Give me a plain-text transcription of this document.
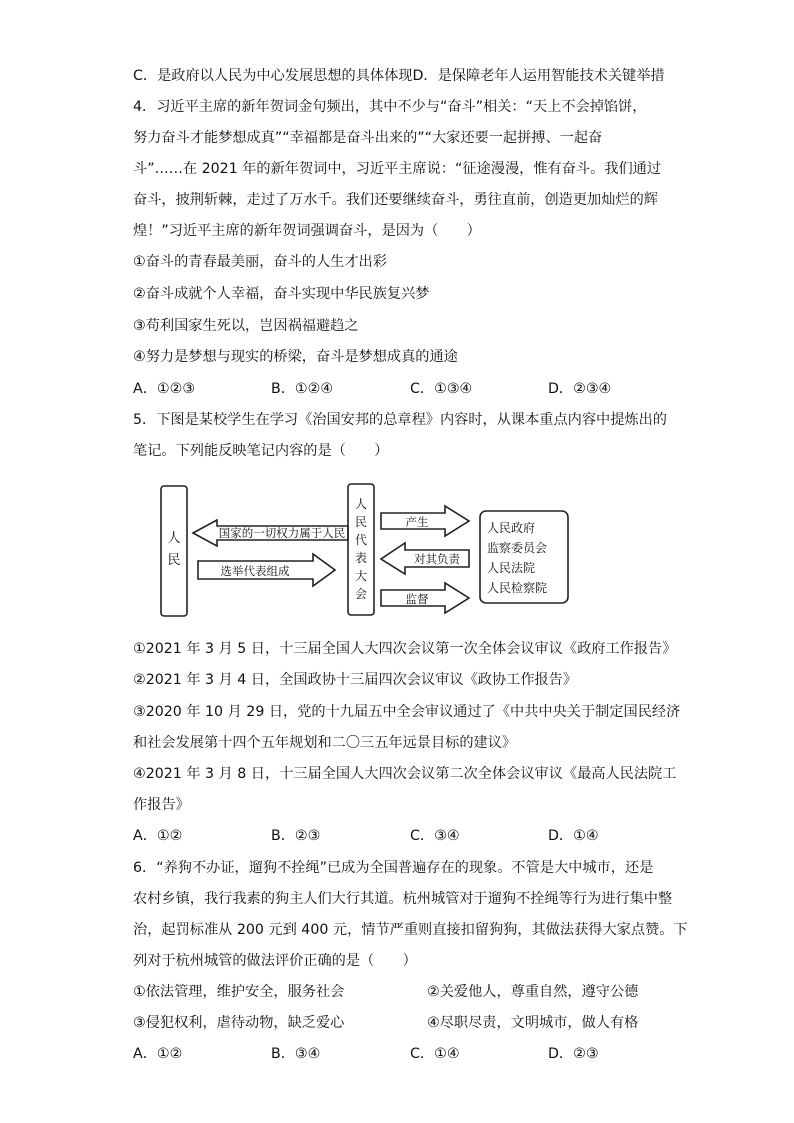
C．是政府以人民为中心发展思想的具体体现D．是保障老年人运用智能技术关键举措
4．习近平主席的新年贺词金句频出，其中不少与“奋斗”相关：“天上不会掉馅饼，
努力奋斗才能梦想成真”“幸福都是奋斗出来的”“大家还要一起拼搏、一起奋
斗”……在 2021 年的新年贺词中，习近平主席说：“征途漫漫，惟有奋斗。我们通过
奋斗，披荆斩棘，走过了万水千。我们还要继续奋斗，勇往直前，创造更加灿烂的辉
煌！”习近平主席的新年贺词强调奋斗，是因为（　　）
①奋斗的青春最美丽，奋斗的人生才出彩
②奋斗成就个人幸福，奋斗实现中华民族复兴梦
③苟利国家生死以，岂因祸福避趋之
④努力是梦想与现实的桥梁，奋斗是梦想成真的通途
A．①②③	B．①②④	C．①③④	D．②③④
5．下图是某校学生在学习《治国安邦的总章程》内容时，从课本重点内容中提炼出的
笔记。下列能反映笔记内容的是（　　）
人
民
人
民
代
表
大
会
国家的一切权力属于人民
选举代表组成
产生
对其负责
监督
人民政府
监察委员会
人民法院
人民检察院
①2021 年 3 月 5 日，十三届全国人大四次会议第一次全体会议审议《政府工作报告》
②2021 年 3 月 4 日，全国政协十三届四次会议审议《政协工作报告》
③2020 年 10 月 29 日，党的十九届五中全会审议通过了《中共中央关于制定国民经济
和社会发展第十四个五年规划和二〇三五年远景目标的建议》
④2021 年 3 月 8 日，十三届全国人大四次会议第二次全体会议审议《最高人民法院工
作报告》
A．①②	B．②③	C．③④	D．①④
6．“养狗不办证，遛狗不拴绳”已成为全国普遍存在的现象。不管是大中城市，还是
农村乡镇，我行我素的狗主人们大行其道。杭州城管对于遛狗不拴绳等行为进行集中整
治，起罚标准从 200 元到 400 元，情节严重则直接扣留狗狗，其做法获得大家点赞。下
列对于杭州城管的做法评价正确的是（　　）
①依法管理，维护安全，服务社会	②关爱他人，尊重自然，遵守公德
③侵犯权利，虐待动物，缺乏爱心	④尽职尽责，文明城市，做人有格
A．①②	B．③④	C．①④	D．②③
